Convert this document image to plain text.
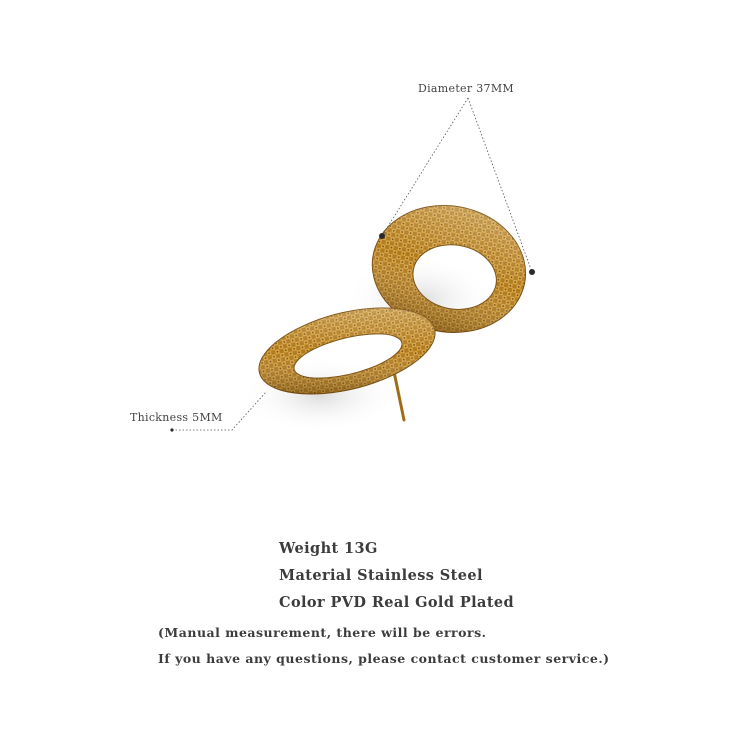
Diameter 37MM
Thickness 5MM
Weight 13G
Material Stainless Steel
Color PVD Real Gold Plated
(Manual measurement, there will be errors.
If you have any questions, please contact customer service.)
